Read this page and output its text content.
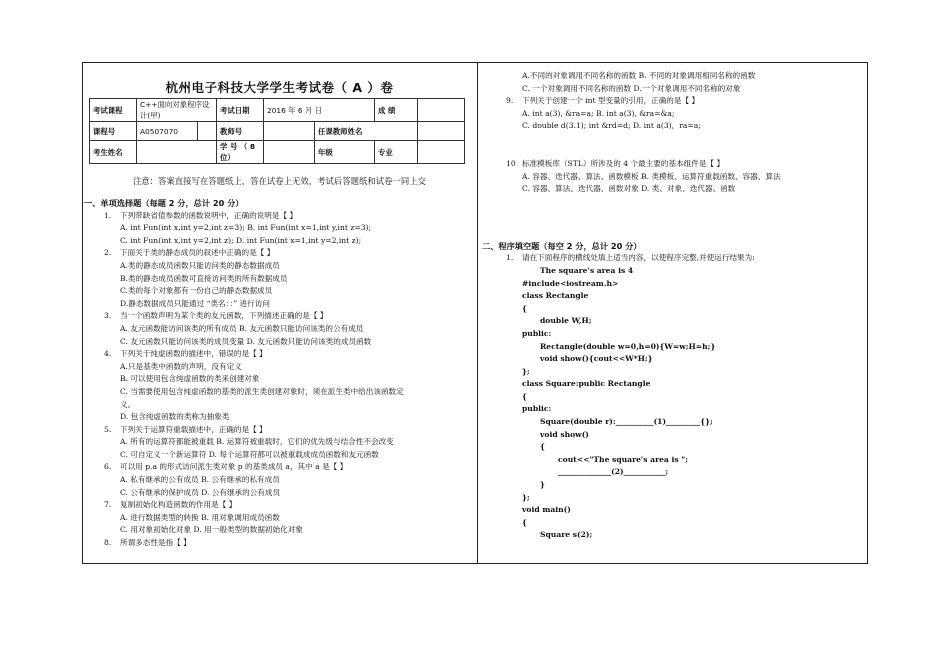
杭州电子科技大学学生考试卷（ A ）卷
考试课程	C++面向对象程序设计(甲)		考试日期	2016 年 6 月 日		成 绩	
课程号	A0507070		教师号		任课教师姓名		
考生姓名			学 号 （ 8 位）		年级	专业	
注意：答案直接写在答题纸上，答在试卷上无效，考试后答题纸和试卷一同上交
一、单项选择题（每题 2 分，总计 20 分）
1. 下列带缺省值参数的函数说明中，正确的说明是【 】
A. int Fun(int x,int y=2,int z=3); B. int Fun(int x=1,int y,int z=3);
C. int Fun(int x,int y=2,int z); D. int Fun(int x=1,int y=2,int z);
2. 下面关于类的静态成员的叙述中正确的是【 】
A.类的静态成员函数只能访问类的静态数据成员
B.类的静态成员函数可直接访问类的所有数据成员
C.类的每个对象都有一份自己的静态数据成员
D.静态数据成员只能通过 “类名：：” 进行访问
3. 当一个函数声明为某个类的友元函数，下列描述正确的是【 】
A. 友元函数能访问该类的所有成员 B. 友元函数只能访问该类的公有成员
C. 友元函数只能访问该类的成员变量 D. 友元函数只能访问该类的成员函数
4. 下列关于纯虚函数的描述中，错误的是【 】
A.只是基类中函数的声明，没有定义
B. 可以使用包含纯虚函数的类来创建对象
C. 当需要使用包含纯虚函数的基类的派生类创建对象时，须在派生类中给出该函数定
义。
D. 包含纯虚函数的类称为抽象类
5. 下列关于运算符重载描述中，正确的是【 】
A. 所有的运算符都能被重载 B. 运算符被重载时，它们的优先级与结合性不会改变
C. 可自定义一个新运算符 D. 每个运算符都可以被重载成成员函数和友元函数
6. 可以用 p.a 的形式访问派生类对象 p 的基类成员 a，其中 a 是【 】
A. 私有继承的公有成员 B. 公有继承的私有成员
C. 公有继承的保护成员 D. 公有继承的公有成员
7. 复制初始化构造函数的作用是【 】
A. 进行数据类型的转换 B. 用对象调用成员函数
C. 用对象初始化对象 D. 用一般类型的数据初始化对象
8. 所谓多态性是指【 】
A.不同的对象调用不同名称的函数 B. 不同的对象调用相同名称的函数
C. 一个对象调用不同名称的函数 D.一个对象调用不同名称的对象
9. 下列关于创建一个 int 型变量的引用，正确的是【 】
A. int a(3), &ra=a; B. int a(3), &ra=&a;
C. double d(3.1); int &rd=d; D. int a(3)，ra=a;
10 标准模板库（STL）所涉及的 4 个最主要的基本组件是【 】
A. 容器、迭代器、算法、函数模板 B. 类模板、运算符重载函数、容器、算法
C. 容器、算法、迭代器、函数对象 D. 类、对象、迭代器、函数
二、程序填空题（每空 2 分，总计 20 分）
1. 请在下面程序的横线处填上适当内容，以使程序完整,并使运行结果为:
The square's area is 4
#include<iostream.h>
class Rectangle
{
double W,H;
public:
Rectangle(double w=0,h=0){W=w;H=h;}
void show(){cout<<W*H;}
};
class Square:public Rectangle
{
public:
Square(double r):__________(1)_________{};
void show()
{
cout<<"The square's area is ";
______________(2)___________;
}
};
void main()
{
Square s(2);
